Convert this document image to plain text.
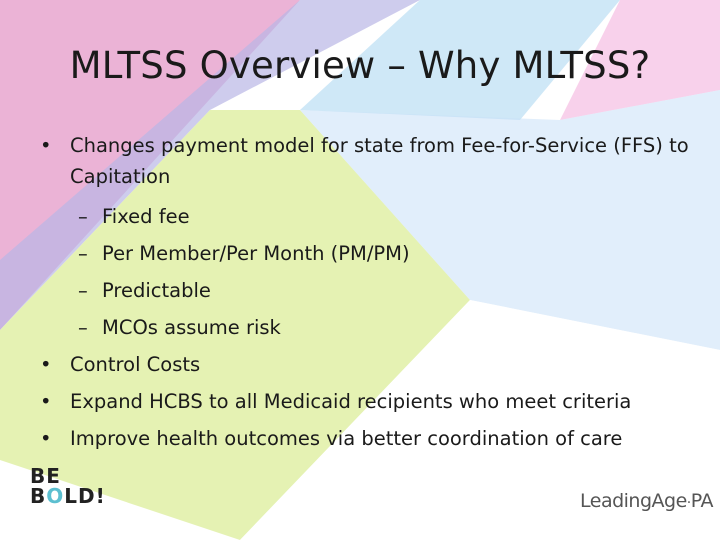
MLTSS Overview – Why MLTSS?
• Changes payment model for state from Fee-for-Service (FFS) to Capitation
– Fixed fee
– Per Member/Per Month (PM/PM)
– Predictable
– MCOs assume risk
• Control Costs
• Expand HCBS to all Medicaid recipients who meet criteria
• Improve health outcomes via better coordination of care
BE
BOLD!	LeadingAge·PA
